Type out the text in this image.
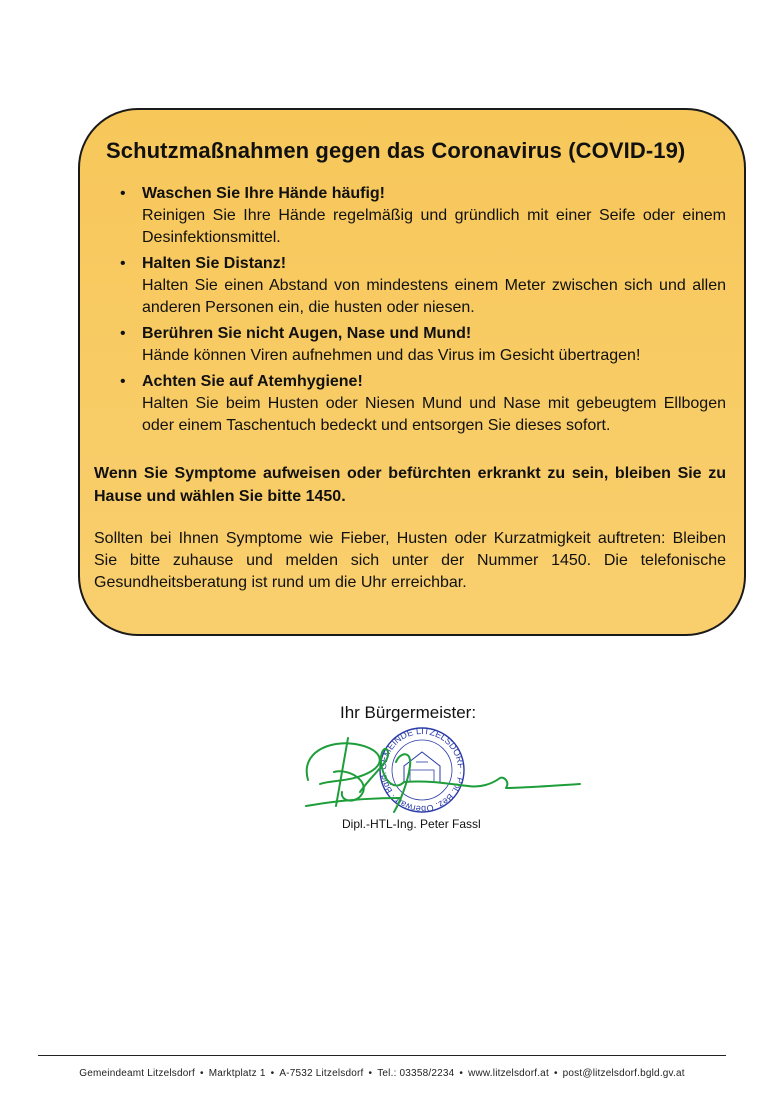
Schutzmaßnahmen gegen das Coronavirus (COVID-19)
• Waschen Sie Ihre Hände häufig!
Reinigen Sie Ihre Hände regelmäßig und gründlich mit einer Seife oder einem Desinfektionsmittel.
• Halten Sie Distanz!
Halten Sie einen Abstand von mindestens einem Meter zwischen sich und allen anderen Personen ein, die husten oder niesen.
• Berühren Sie nicht Augen, Nase und Mund!
Hände können Viren aufnehmen und das Virus im Gesicht übertragen!
• Achten Sie auf Atemhygiene!
Halten Sie beim Husten oder Niesen Mund und Nase mit gebeugtem Ellbogen oder einem Taschentuch bedeckt und entsorgen Sie dieses sofort.
Wenn Sie Symptome aufweisen oder befürchten erkrankt zu sein, bleiben Sie zu Hause und wählen Sie bitte 1450.
Sollten bei Ihnen Symptome wie Fieber, Husten oder Kurzatmigkeit auftreten: Bleiben Sie bitte zuhause und melden sich unter der Nummer 1450. Die telefonische Gesundheitsberatung ist rund um die Uhr erreichbar.
Ihr Bürgermeister:
GEMEINDE LITZELSDORF · Pol. Bez. Oberwart · Bgld.
Dipl.-HTL-Ing. Peter Fassl
Gemeindeamt Litzelsdorf • Marktplatz 1 • A-7532 Litzelsdorf • Tel.: 03358/2234 • www.litzelsdorf.at • post@litzelsdorf.bgld.gv.at
